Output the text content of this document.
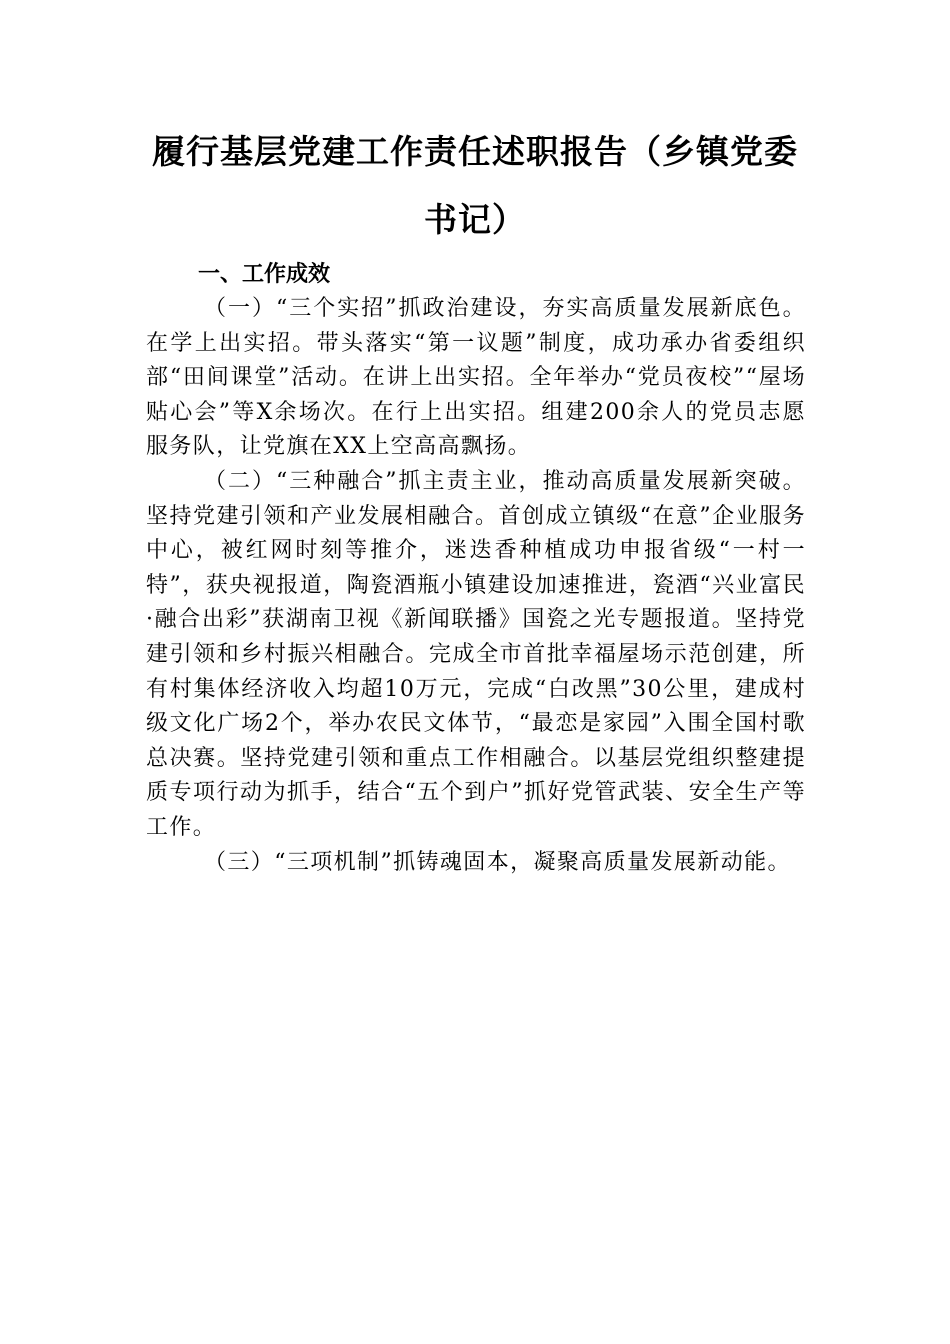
履行基层党建工作责任述职报告（乡镇党委书记）
一、工作成效

（一）“三个实招”抓政治建设，夯实高质量发展新底色。在学上出实招。带头落实“第一议题”制度，成功承办省委组织部“田间课堂”活动。在讲上出实招。全年举办“党员夜校”“屋场贴心会”等X余场次。在行上出实招。组建200余人的党员志愿服务队，让党旗在XX上空高高飘扬。

（二）“三种融合”抓主责主业，推动高质量发展新突破。坚持党建引领和产业发展相融合。首创成立镇级“在意”企业服务中心，被红网时刻等推介，迷迭香种植成功申报省级“一村一特”，获央视报道，陶瓷酒瓶小镇建设加速推进，瓷酒“兴业富民·融合出彩”获湖南卫视《新闻联播》国瓷之光专题报道。坚持党建引领和乡村振兴相融合。完成全市首批幸福屋场示范创建，所有村集体经济收入均超10万元，完成“白改黑”30公里，建成村级文化广场2个，举办农民文体节，“最恋是家园”入围全国村歌总决赛。坚持党建引领和重点工作相融合。以基层党组织整建提质专项行动为抓手，结合“五个到户”抓好党管武装、安全生产等工作。

（三）“三项机制”抓铸魂固本，凝聚高质量发展新动能。
